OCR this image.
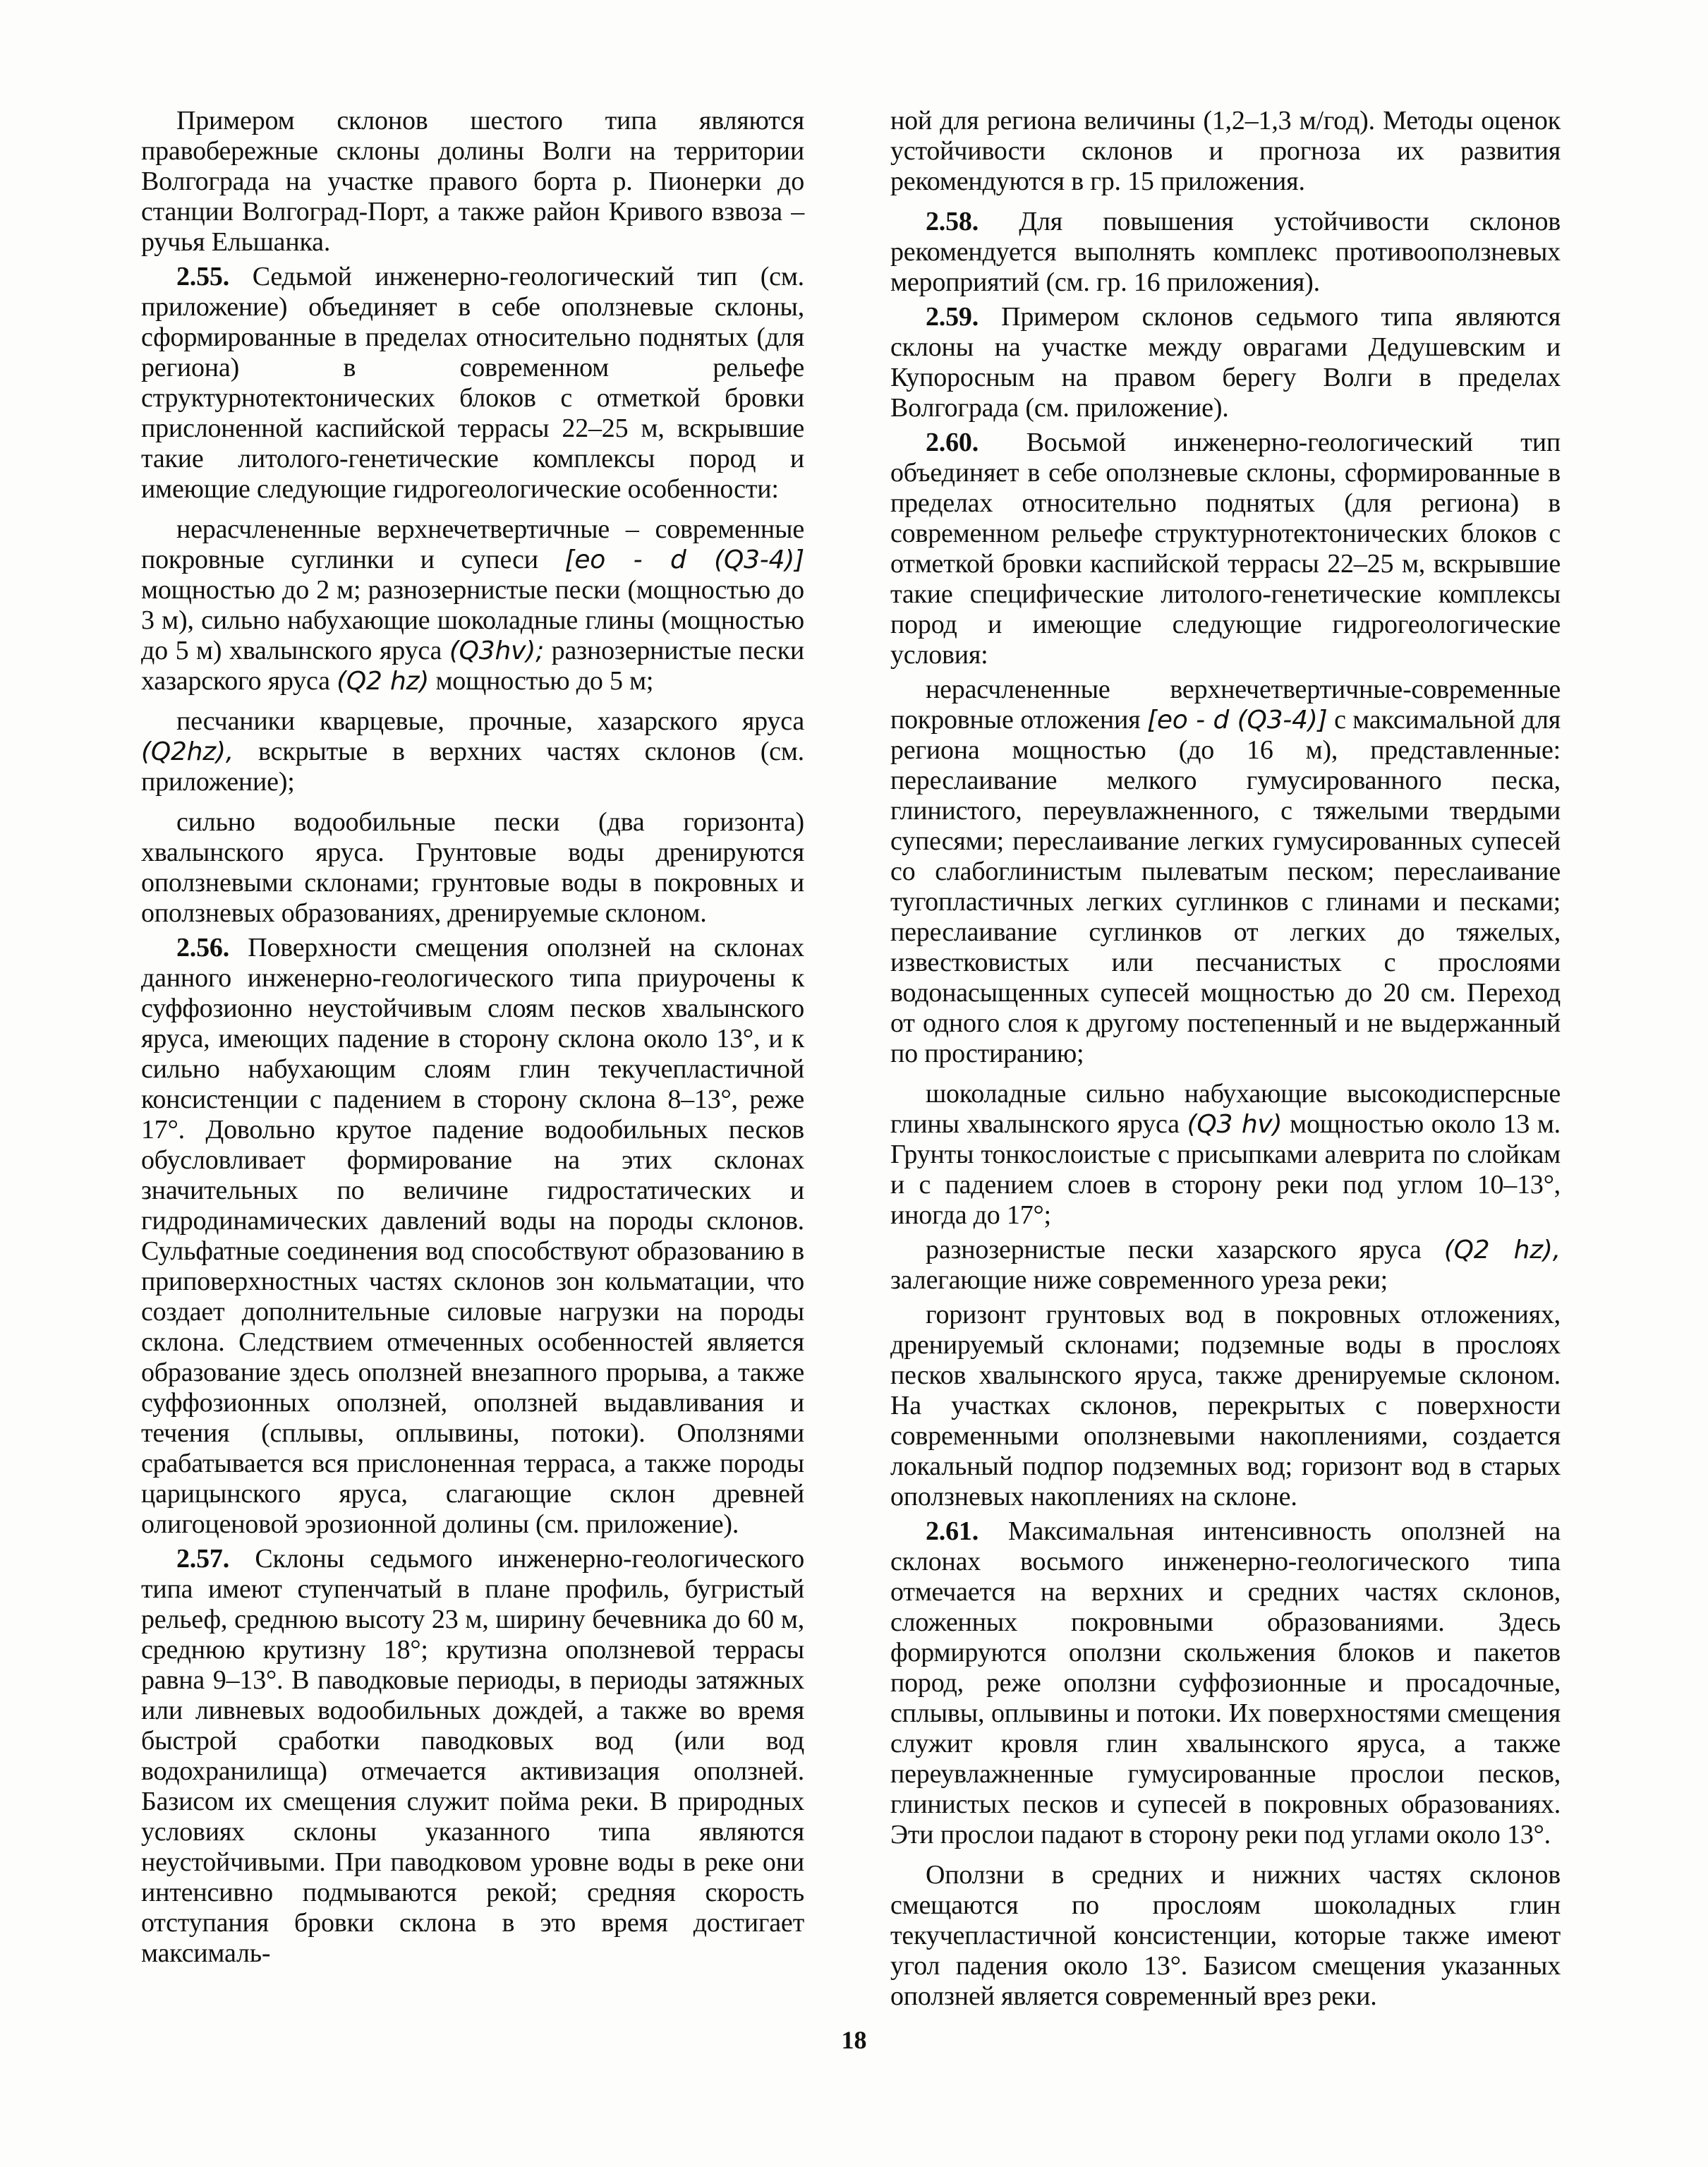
Примером склонов шестого типа являются правобережные склоны долины Волги на территории Волгограда на участке правого борта р. Пионерки до станции Волгоград-Порт, а также район Кривого взвоза – ручья Ельшанка.

2.55. Седьмой инженерно-геологический тип (см. приложение) объединяет в себе оползневые склоны, сформированные в пределах относительно поднятых (для региона) в современном рельефе структурнотектонических блоков с отметкой бровки прислоненной каспийской террасы 22–25 м, вскрывшие такие литолого-генетические комплексы пород и имеющие следующие гидрогеологические особенности:

нерасчлененные верхнечетвертичные – современные покровные суглинки и супеси [eo - d (Q3-4)] мощностью до 2 м; разнозернистые пески (мощностью до 3 м), сильно набухающие шоколадные глины (мощностью до 5 м) хвалынского яруса (Q3hv); разнозернистые пески хазарского яруса (Q2 hz) мощностью до 5 м;

песчаники кварцевые, прочные, хазарского яруса (Q2hz), вскрытые в верхних частях склонов (см. приложение);

сильно водообильные пески (два горизонта) хвалынского яруса. Грунтовые воды дренируются оползневыми склонами; грунтовые воды в покровных и оползневых образованиях, дренируемые склоном.

2.56. Поверхности смещения оползней на склонах данного инженерно-геологического типа приурочены к суффозионно неустойчивым слоям песков хвалынского яруса, имеющих падение в сторону склона около 13°, и к сильно набухающим слоям глин текучепластичной консистенции с падением в сторону склона 8–13°, реже 17°. Довольно крутое падение водообильных песков обусловливает формирование на этих склонах значительных по величине гидростатических и гидродинамических давлений воды на породы склонов. Сульфатные соединения вод способствуют образованию в приповерхностных частях склонов зон кольматации, что создает дополнительные силовые нагрузки на породы склона. Следствием отмеченных особенностей является образование здесь оползней внезапного прорыва, а также суффозионных оползней, оползней выдавливания и течения (сплывы, оплывины, потоки). Оползнями срабатывается вся прислоненная терраса, а также породы царицынского яруса, слагающие склон древней олигоценовой эрозионной долины (см. приложение).

2.57. Склоны седьмого инженерно-геологического типа имеют ступенчатый в плане профиль, бугристый рельеф, среднюю высоту 23 м, ширину бечевника до 60 м, среднюю крутизну 18°; крутизна оползневой террасы равна 9–13°. В паводковые периоды, в периоды затяжных или ливневых водообильных дождей, а также во время быстрой сработки паводковых вод (или вод водохранилища) отмечается активизация оползней. Базисом их смещения служит пойма реки. В природных условиях склоны указанного типа являются неустойчивыми. При паводковом уровне воды в реке они интенсивно подмываются рекой; средняя скорость отступания бровки склона в это время достигает максималь-

ной для региона величины (1,2–1,3 м/год). Методы оценок устойчивости склонов и прогноза их развития рекомендуются в гр. 15 приложения.

2.58. Для повышения устойчивости склонов рекомендуется выполнять комплекс противооползневых мероприятий (см. гр. 16 приложения).

2.59. Примером склонов седьмого типа являются склоны на участке между оврагами Дедушевским и Купоросным на правом берегу Волги в пределах Волгограда (см. приложение).

2.60. Восьмой инженерно-геологический тип объединяет в себе оползневые склоны, сформированные в пределах относительно поднятых (для региона) в современном рельефе структурнотектонических блоков с отметкой бровки каспийской террасы 22–25 м, вскрывшие такие специфические литолого-генетические комплексы пород и имеющие следующие гидрогеологические условия:

нерасчлененные верхнечетвертичные-современные покровные отложения [eo - d (Q3-4)] с максимальной для региона мощностью (до 16 м), представленные: переслаивание мелкого гумусированного песка, глинистого, переувлажненного, с тяжелыми твердыми супесями; переслаивание легких гумусированных супесей со слабоглинистым пылеватым песком; переслаивание тугопластичных легких суглинков с глинами и песками; переслаивание суглинков от легких до тяжелых, известковистых или песчанистых с прослоями водонасыщенных супесей мощностью до 20 см. Переход от одного слоя к другому постепенный и не выдержанный по простиранию;

шоколадные сильно набухающие высокодисперсные глины хвалынского яруса (Q3 hv) мощностью около 13 м. Грунты тонкослоистые с присыпками алеврита по слойкам и с падением слоев в сторону реки под углом 10–13°, иногда до 17°;

разнозернистые пески хазарского яруса (Q2 hz), залегающие ниже современного уреза реки;

горизонт грунтовых вод в покровных отложениях, дренируемый склонами; подземные воды в прослоях песков хвалынского яруса, также дренируемые склоном. На участках склонов, перекрытых с поверхности современными оползневыми накоплениями, создается локальный подпор подземных вод; горизонт вод в старых оползневых накоплениях на склоне.

2.61. Максимальная интенсивность оползней на склонах восьмого инженерно-геологического типа отмечается на верхних и средних частях склонов, сложенных покровными образованиями. Здесь формируются оползни скольжения блоков и пакетов пород, реже оползни суффозионные и просадочные, сплывы, оплывины и потоки. Их поверхностями смещения служит кровля глин хвалынского яруса, а также переувлажненные гумусированные прослои песков, глинистых песков и супесей в покровных образованиях. Эти прослои падают в сторону реки под углами около 13°.

Оползни в средних и нижних частях склонов смещаются по прослоям шоколадных глин текучепластичной консистенции, которые также имеют угол падения около 13°. Базисом смещения указанных оползней является современный врез реки.

18
